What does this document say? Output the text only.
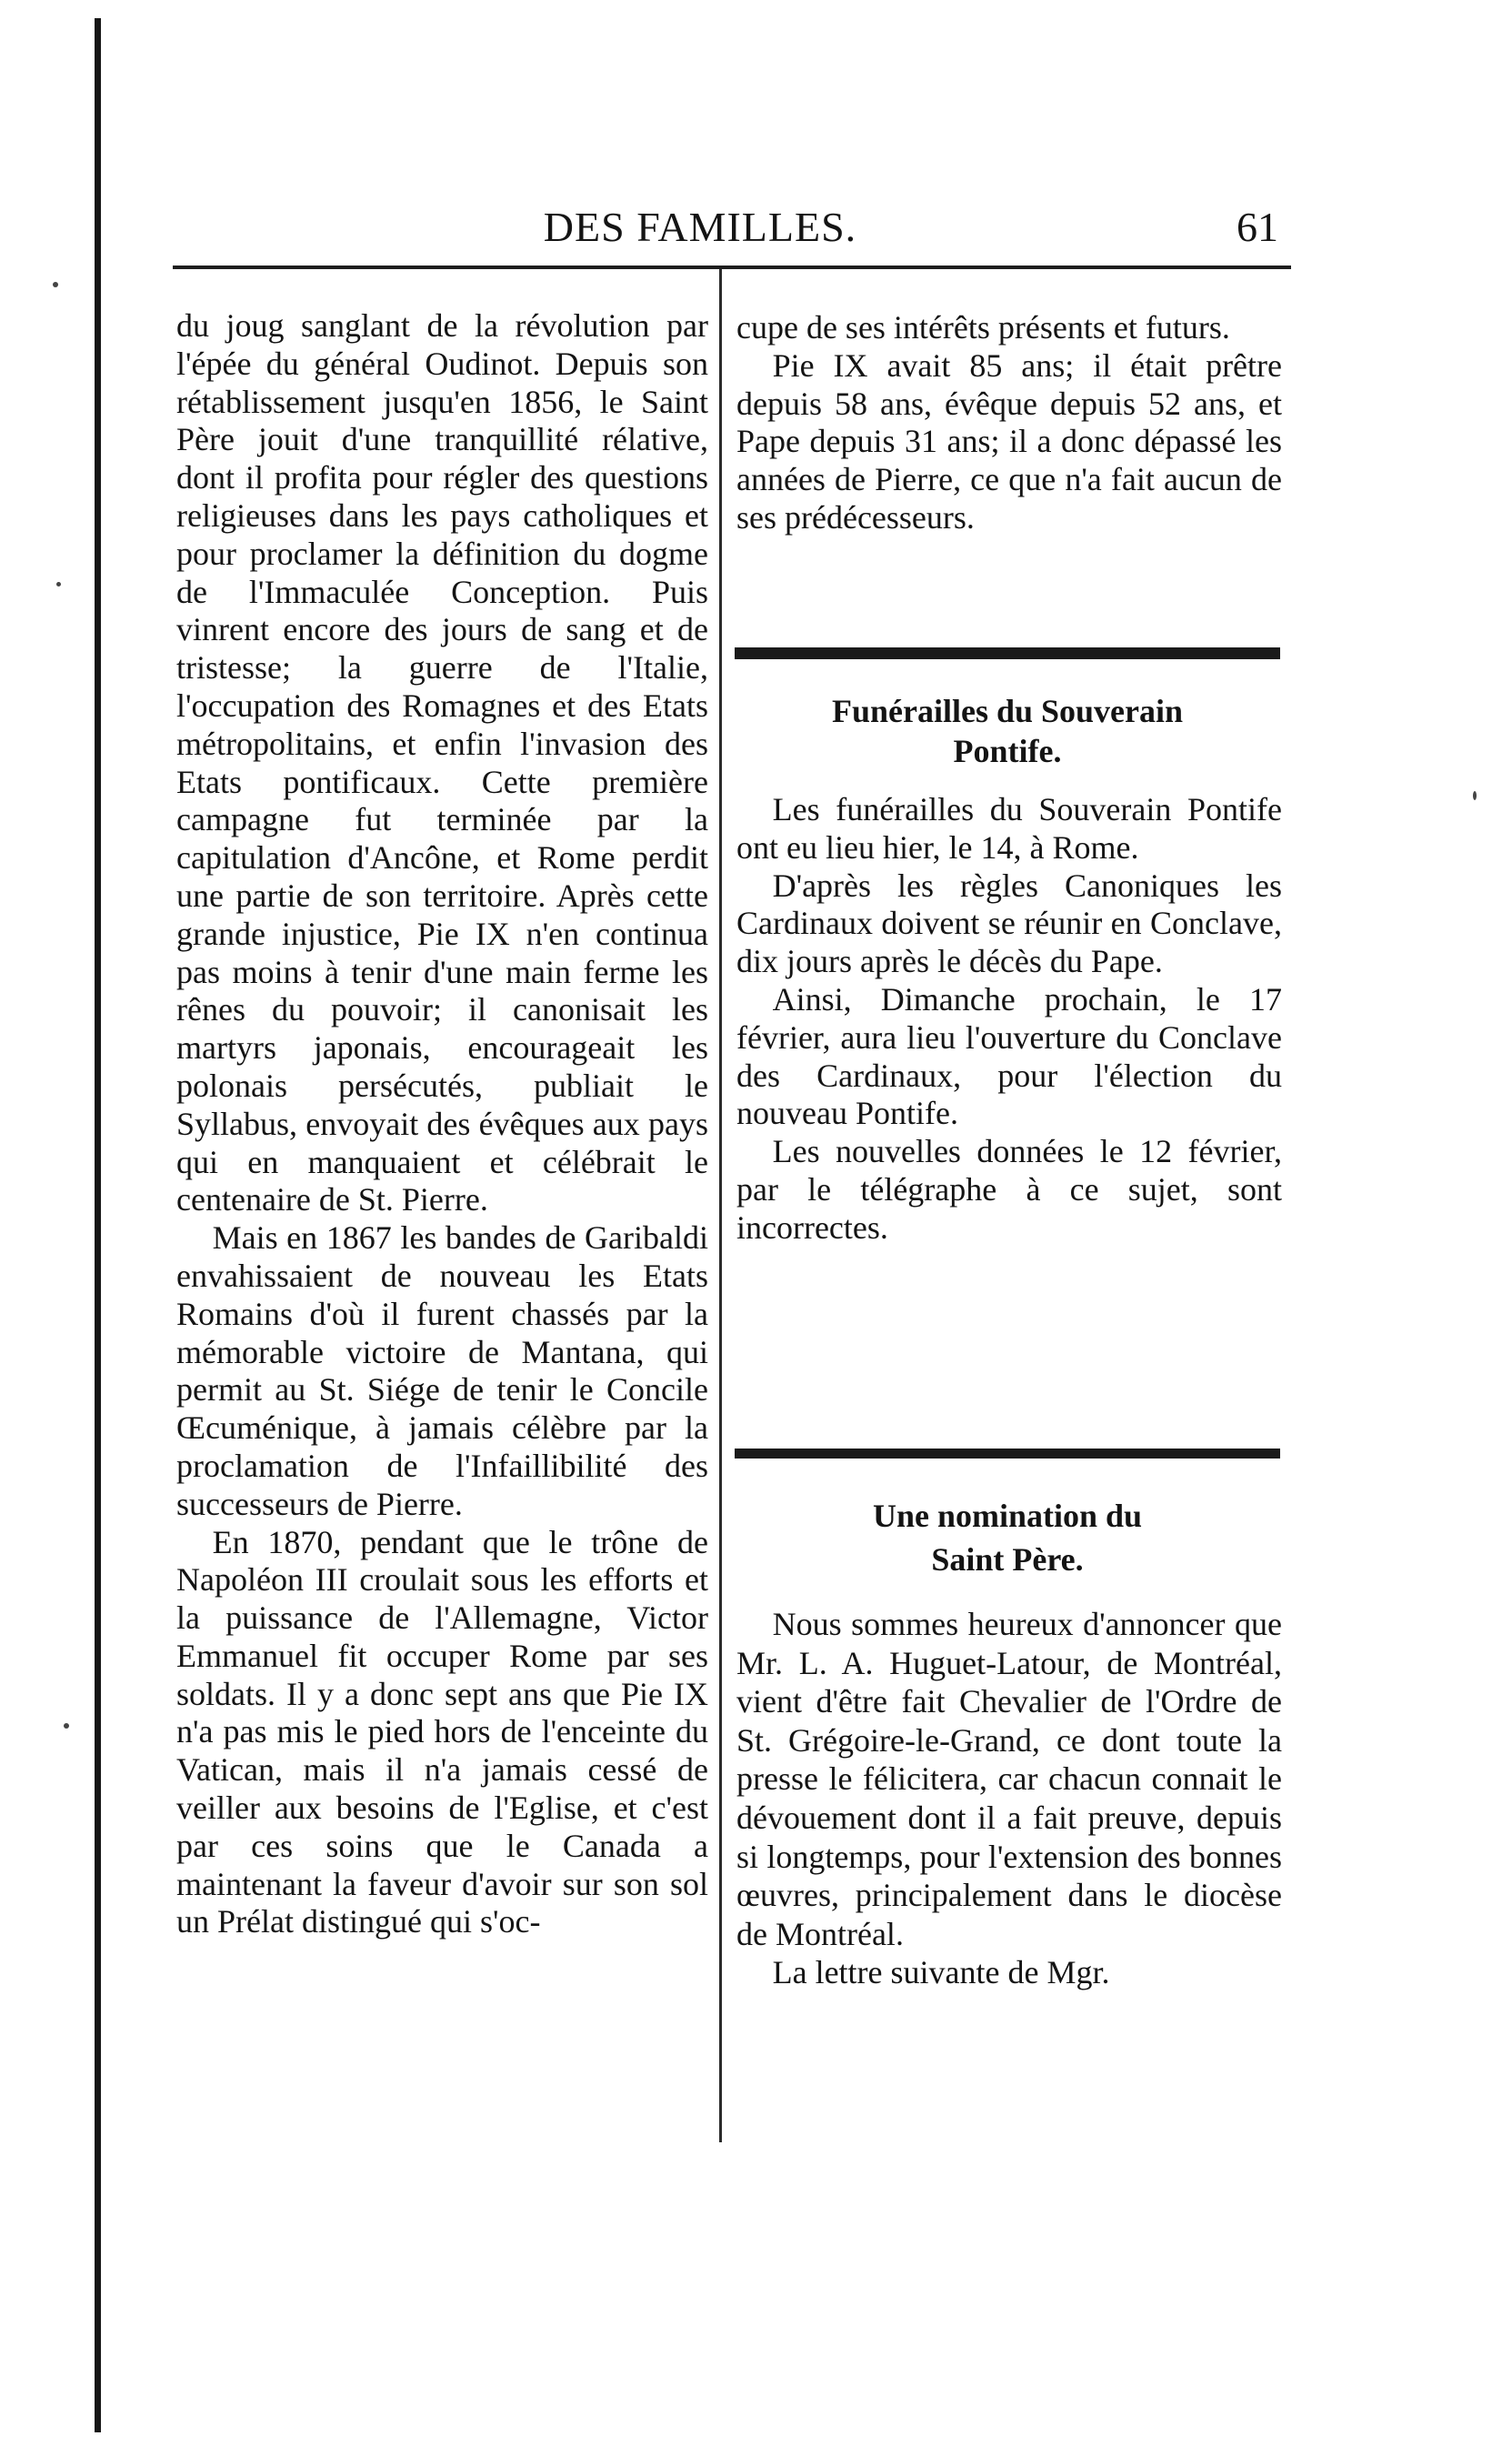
DES FAMILLES.	61

du joug sanglant de la révolution par l'épée du général Oudinot. Depuis son rétablissement jusqu'en 1856, le Saint Père jouit d'une tranquillité rélative, dont il profita pour régler des questions religieuses dans les pays catholiques et pour proclamer la définition du dogme de l'Immaculée Conception. Puis vinrent encore des jours de sang et de tristesse; la guerre de l'Italie, l'occupation des Romagnes et des Etats métropolitains, et enfin l'invasion des Etats pontificaux. Cette première campagne fut terminée par la capitulation d'Ancône, et Rome perdit une partie de son territoire. Après cette grande injustice, Pie IX n'en continua pas moins à tenir d'une main ferme les rênes du pouvoir; il canonisait les martyrs japonais, encourageait les polonais persécutés, publiait le Syllabus, envoyait des évêques aux pays qui en manquaient et célébrait le centenaire de St. Pierre.

Mais en 1867 les bandes de Garibaldi envahissaient de nouveau les Etats Romains d'où il furent chassés par la mémorable victoire de Mantana, qui permit au St. Siége de tenir le Concile Œcuménique, à jamais célèbre par la proclamation de l'Infaillibilité des successeurs de Pierre.

En 1870, pendant que le trône de Napoléon III croulait sous les efforts et la puissance de l'Allemagne, Victor Emmanuel fit occuper Rome par ses soldats. Il y a donc sept ans que Pie IX n'a pas mis le pied hors de l'enceinte du Vatican, mais il n'a jamais cessé de veiller aux besoins de l'Eglise, et c'est par ces soins que le Canada a maintenant la faveur d'avoir sur son sol un Prélat distingué qui s'oc-

cupe de ses intérêts présents et futurs.

Pie IX avait 85 ans; il était prêtre depuis 58 ans, évêque depuis 52 ans, et Pape depuis 31 ans; il a donc dépassé les années de Pierre, ce que n'a fait aucun de ses prédécesseurs.

Funérailles du Souverain
Pontife.

Les funérailles du Souverain Pontife ont eu lieu hier, le 14, à Rome.

D'après les règles Canoniques les Cardinaux doivent se réunir en Conclave, dix jours après le décès du Pape.

Ainsi, Dimanche prochain, le 17 février, aura lieu l'ouverture du Conclave des Cardinaux, pour l'élection du nouveau Pontife.

Les nouvelles données le 12 février, par le télégraphe à ce sujet, sont incorrectes.

Une nomination du
Saint Père.

Nous sommes heureux d'annoncer que Mr. L. A. Huguet-Latour, de Montréal, vient d'être fait Chevalier de l'Ordre de St. Grégoire-le-Grand, ce dont toute la presse le félicitera, car chacun connait le dévouement dont il a fait preuve, depuis si longtemps, pour l'extension des bonnes œuvres, principalement dans le diocèse de Montréal.

La lettre suivante de Mgr.
